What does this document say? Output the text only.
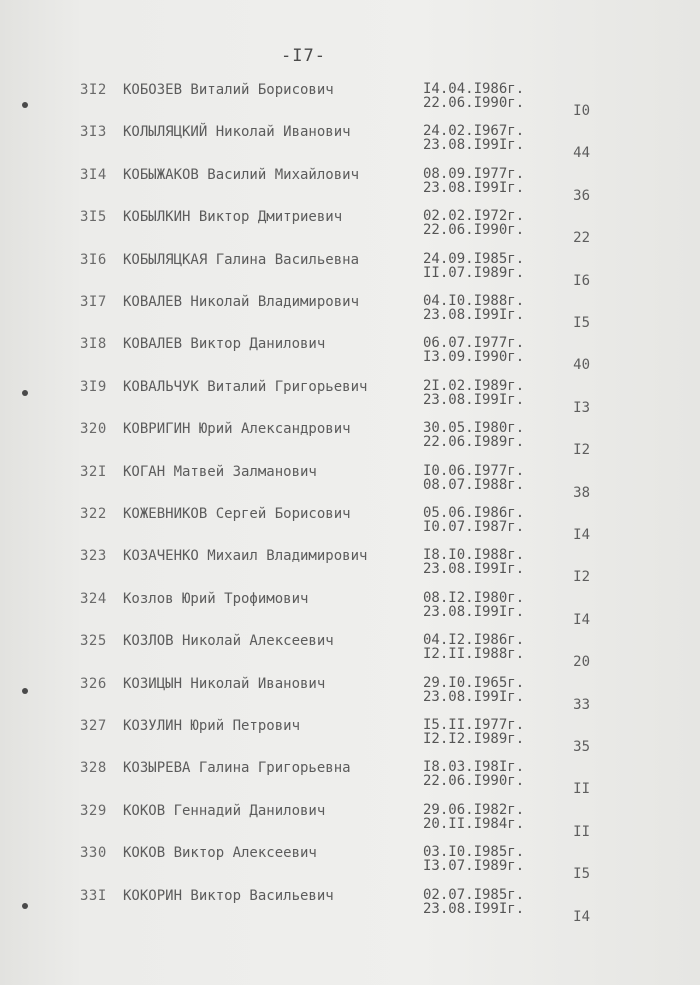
-I7-
3I2 КОБОЗЕВ Виталий Борисович	I4.04.I986г.
22.06.I990г.	I0
3I3 КОЛЫЛЯЦКИЙ Николай Иванович	24.02.I967г.
23.08.I99Iг.	44
3I4 КОБЫЖАКОВ Василий Михайлович	08.09.I977г.
23.08.I99Iг.	36
3I5 КОБЫЛКИН Виктор Дмитриевич	02.02.I972г.
22.06.I990г.	22
3I6 КОБЫЛЯЦКАЯ Галина Васильевна	24.09.I985г.
II.07.I989г.	I6
3I7 КОВАЛЕВ Николай Владимирович	04.I0.I988г.
23.08.I99Iг.	I5
3I8 КОВАЛЕВ Виктор Данилович	06.07.I977г.
I3.09.I990г.	40
3I9 КОВАЛЬЧУК Виталий Григорьевич	2I.02.I989г.
23.08.I99Iг.	I3
320 КОВРИГИН Юрий Александрович	30.05.I980г.
22.06.I989г.	I2
32I КОГАН Матвей Залманович	I0.06.I977г.
08.07.I988г.	38
322 КОЖЕВНИКОВ Сергей Борисович	05.06.I986г.
I0.07.I987г.	I4
323 КОЗАЧЕНКО Михаил Владимирович	I8.I0.I988г.
23.08.I99Iг.	I2
324 Козлов Юрий Трофимович	08.I2.I980г.
23.08.I99Iг.	I4
325 КОЗЛОВ Николай Алексеевич	04.I2.I986г.
I2.II.I988г.	20
326 КОЗИЦЫН Николай Иванович	29.I0.I965г.
23.08.I99Iг.	33
327 КОЗУЛИН Юрий Петрович	I5.II.I977г.
I2.I2.I989г.	35
328 КОЗЫРЕВА Галина Григорьевна	I8.03.I98Iг.
22.06.I990г.	II
329 КОКОВ Геннадий Данилович	29.06.I982г.
20.II.I984г.	II
330 КОКОВ Виктор Алексеевич	03.I0.I985г.
I3.07.I989г.	I5
33I КОКОРИН Виктор Васильевич	02.07.I985г.
23.08.I99Iг.	I4
